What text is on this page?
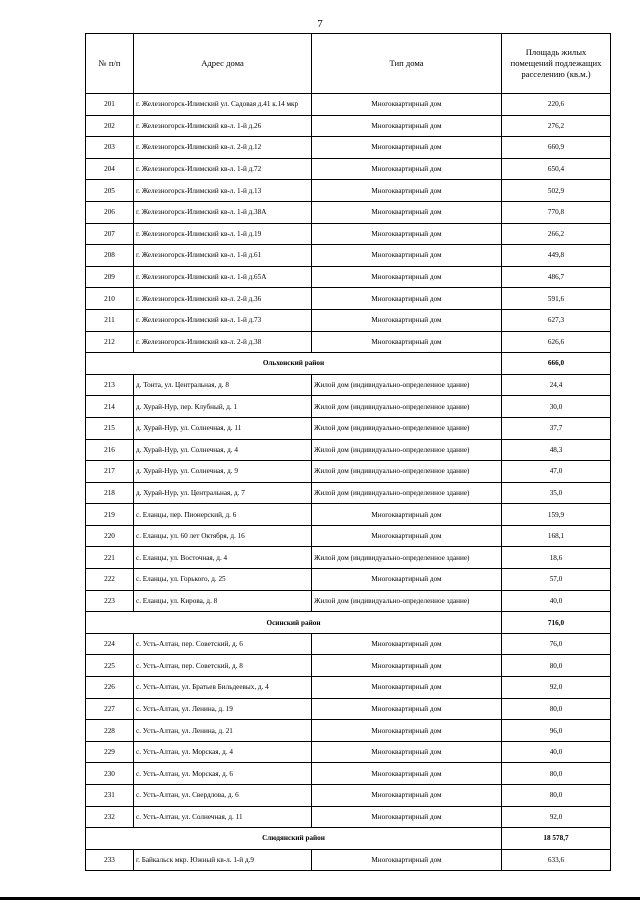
7
№ п/п	Адрес дома	Тип дома	Площадь жилых помещений подлежащих расселению (кв.м.)
201	г. Железногорск-Илимский ул. Садовая д.41 к.14 мкр	Многоквартирный дом	220,6
202	г. Железногорск-Илимский кв-л. 1-й д.26	Многоквартирный дом	276,2
203	г. Железногорск-Илимский кв-л. 2-й д.12	Многоквартирный дом	660,9
204	г. Железногорск-Илимский кв-л. 1-й д.72	Многоквартирный дом	650,4
205	г. Железногорск-Илимский кв-л. 1-й д.13	Многоквартирный дом	502,9
206	г. Железногорск-Илимский кв-л. 1-й д.38А	Многоквартирный дом	770,8
207	г. Железногорск-Илимский кв-л. 1-й д.19	Многоквартирный дом	266,2
208	г. Железногорск-Илимский кв-л. 1-й д.61	Многоквартирный дом	449,8
209	г. Железногорск-Илимский кв-л. 1-й д.65А	Многоквартирный дом	486,7
210	г. Железногорск-Илимский кв-л. 2-й д.36	Многоквартирный дом	591,6
211	г. Железногорск-Илимский кв-л. 1-й д.73	Многоквартирный дом	627,3
212	г. Железногорск-Илимский кв-л. 2-й д.38	Многоквартирный дом	626,6
Ольхонский район			666,0
213	д. Тонта, ул. Центральная, д. 8	Жилой дом (индивидуально-определенное здание)	24,4
214	д. Хурай-Нур, пер. Клубный, д. 1	Жилой дом (индивидуально-определенное здание)	30,0
215	д. Хурай-Нур, ул. Солнечная, д. 11	Жилой дом (индивидуально-определенное здание)	37,7
216	д. Хурай-Нур, ул. Солнечная, д. 4	Жилой дом (индивидуально-определенное здание)	48,3
217	д. Хурай-Нур, ул. Солнечная, д. 9	Жилой дом (индивидуально-определенное здание)	47,0
218	д. Хурай-Нур, ул. Центральная, д. 7	Жилой дом (индивидуально-определенное здание)	35,0
219	с. Еланцы, пер. Пионерский, д. 6	Многоквартирный дом	159,9
220	с. Еланцы, ул. 60 лет Октября, д. 16	Многоквартирный дом	168,1
221	с. Еланцы, ул. Восточная, д. 4	Жилой дом (индивидуально-определенное здание)	18,6
222	с. Еланцы, ул. Горького, д. 25	Многоквартирный дом	57,0
223	с. Еланцы, ул. Кирова, д. 8	Жилой дом (индивидуально-определенное здание)	40,0
Осинский район			716,0
224	с. Усть-Алтан, пер. Советский, д. 6	Многоквартирный дом	76,0
225	с. Усть-Алтан, пер. Советский, д. 8	Многоквартирный дом	80,0
226	с. Усть-Алтан, ул. Братьев Бильдеевых, д. 4	Многоквартирный дом	92,0
227	с. Усть-Алтан, ул. Ленина, д. 19	Многоквартирный дом	80,0
228	с. Усть-Алтан, ул. Ленина, д. 21	Многоквартирный дом	96,0
229	с. Усть-Алтан, ул. Морская, д. 4	Многоквартирный дом	40,0
230	с. Усть-Алтан, ул. Морская, д. 6	Многоквартирный дом	80,0
231	с. Усть-Алтан, ул. Свердлова, д. 6	Многоквартирный дом	80,0
232	с. Усть-Алтан, ул. Солнечная, д. 11	Многоквартирный дом	92,0
Слюдянский район			18 578,7
233	г. Байкальск мкр. Южный кв-л. 1-й д.9	Многоквартирный дом	633,6
